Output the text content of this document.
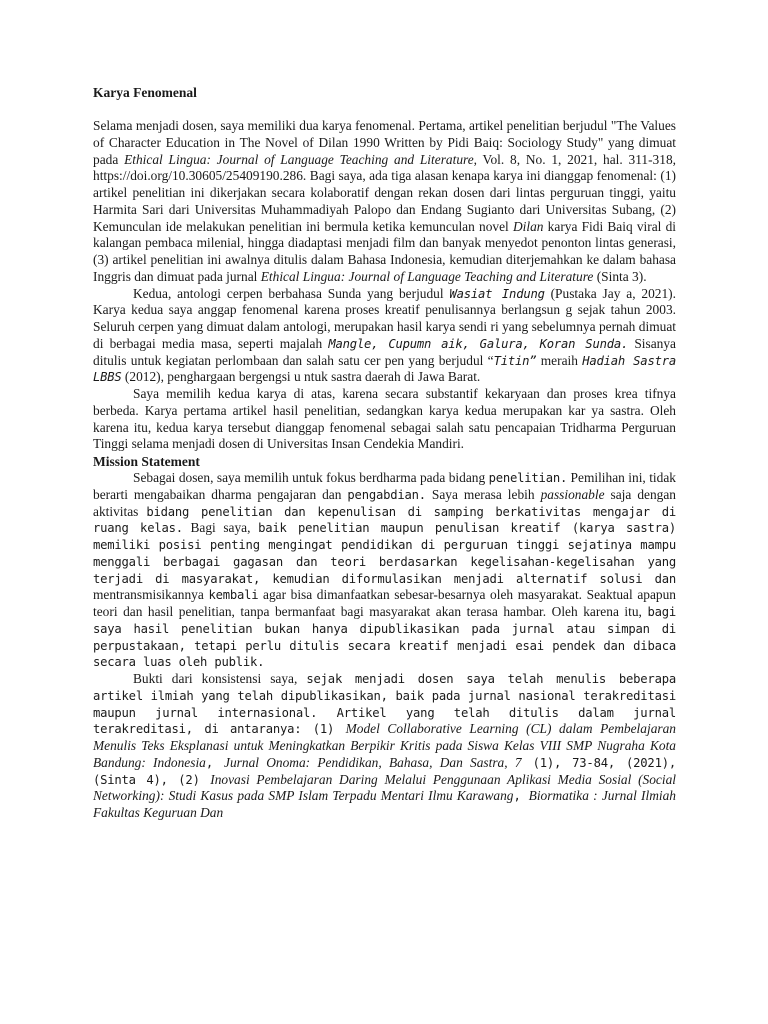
Karya Fenomenal

Selama menjadi dosen, saya memiliki dua karya fenomenal. Pertama, artikel penelitian berjudul "The Values of Character Education in The Novel of Dilan 1990 Written by Pidi Baiq: Sociology Study" yang dimuat pada Ethical Lingua: Journal of Language Teaching and Literature, Vol. 8, No. 1, 2021, hal. 311-318, https://doi.org/10.30605/25409190.286. Bagi saya, ada tiga alasan kenapa karya ini dianggap fenomenal: (1) artikel penelitian ini dikerjakan secara kolaboratif dengan rekan dosen dari lintas perguruan tinggi, yaitu Harmita Sari dari Universitas Muhammadiyah Palopo dan Endang Sugianto dari Universitas Subang, (2) Kemunculan ide melakukan penelitian ini bermula ketika kemunculan novel Dilan karya Fidi Baiq viral di kalangan pembaca milenial, hingga diadaptasi menjadi film dan banyak menyedot penonton lintas generasi, (3) artikel penelitian ini awalnya ditulis dalam Bahasa Indonesia, kemudian diterjemahkan ke dalam bahasa Inggris dan dimuat pada jurnal Ethical Lingua: Journal of Language Teaching and Literature (Sinta 3).

Kedua, antologi cerpen berbahasa Sunda yang berjudul Wasiat Indung (Pustaka Jay a, 2021). Karya kedua saya anggap fenomenal karena proses kreatif penulisannya berlangsun g sejak tahun 2003. Seluruh cerpen yang dimuat dalam antologi, merupakan hasil karya sendi ri yang sebelumnya pernah dimuat di berbagai media masa, seperti majalah Mangle, Cupumn aik, Galura, Koran Sunda. Sisanya ditulis untuk kegiatan perlombaan dan salah satu cer pen yang berjudul “Titin” meraih Hadiah Sastra LBBS (2012), penghargaan bergengsi u ntuk sastra daerah di Jawa Barat.

Saya memilih kedua karya di atas, karena secara substantif kekaryaan dan proses krea tifnya berbeda. Karya pertama artikel hasil penelitian, sedangkan karya kedua merupakan kar ya sastra. Oleh karena itu, kedua karya tersebut dianggap fenomenal sebagai salah satu pencapaian Tridharma Perguruan Tinggi selama menjadi dosen di Universitas Insan Cendekia Mandiri.

Mission Statement

Sebagai dosen, saya memilih untuk fokus berdharma pada bidang penelitian. Pemilihan ini, tidak berarti mengabaikan dharma pengajaran dan pengabdian. Saya merasa lebih passionable saja dengan aktivitas bidang penelitian dan kepenulisan di samping berkativitas mengajar di ruang kelas. Bagi saya, baik penelitian maupun penulisan kreatif (karya sastra) memiliki posisi penting mengingat pendidikan di perguruan tinggi sejatinya mampu menggali berbagai gagasan dan teori berdasarkan kegelisahan-kegelisahan yang terjadi di masyarakat, kemudian diformulasikan menjadi alternatif solusi dan mentransmisikannya kembali agar bisa dimanfaatkan sebesar-besarnya oleh masyarakat. Seaktual apapun teori dan hasil penelitian, tanpa bermanfaat bagi masyarakat akan terasa hambar. Oleh karena itu, bagi saya hasil penelitian bukan hanya dipublikasikan pada jurnal atau simpan di perpustakaan, tetapi perlu ditulis secara kreatif menjadi esai pendek dan dibaca secara luas oleh publik.

Bukti dari konsistensi saya, sejak menjadi dosen saya telah menulis beberapa artikel ilmiah yang telah dipublikasikan, baik pada jurnal nasional terakreditasi maupun jurnal internasional. Artikel yang telah ditulis dalam jurnal terakreditasi, di antaranya: (1) Model Collaborative Learning (CL) dalam Pembelajaran Menulis Teks Eksplanasi untuk Meningkatkan Berpikir Kritis pada Siswa Kelas VIII SMP Nugraha Kota Bandung: Indonesia, Jurnal Onoma: Pendidikan, Bahasa, Dan Sastra, 7 (1), 73-84, (2021), (Sinta 4), (2) Inovasi Pembelajaran Daring Melalui Penggunaan Aplikasi Media Sosial (Social Networking): Studi Kasus pada SMP Islam Terpadu Mentari Ilmu Karawang, Biormatika : Jurnal Ilmiah Fakultas Keguruan Dan
